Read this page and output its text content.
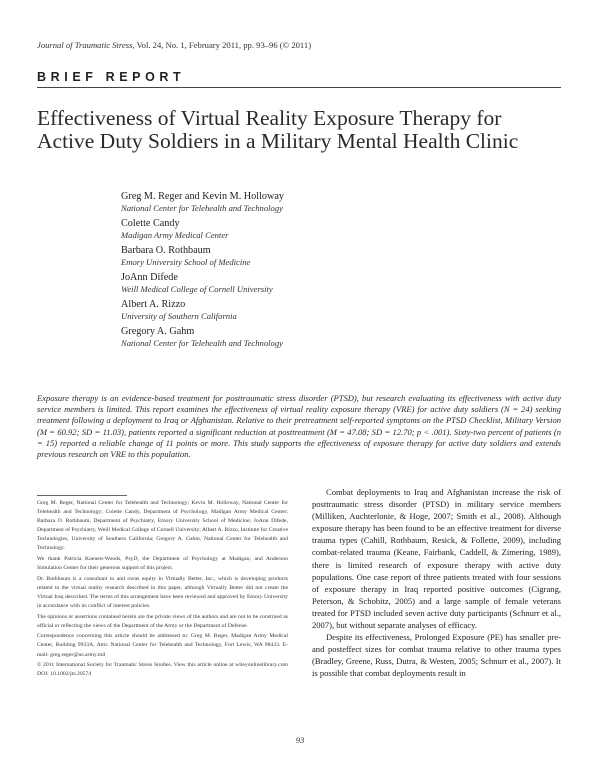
Journal of Traumatic Stress, Vol. 24, No. 1, February 2011, pp. 93–96 (© 2011)
BRIEF REPORT
Effectiveness of Virtual Reality Exposure Therapy for Active Duty Soldiers in a Military Mental Health Clinic
Greg M. Reger and Kevin M. Holloway
National Center for Telehealth and Technology
Colette Candy
Madigan Army Medical Center
Barbara O. Rothbaum
Emory University School of Medicine
JoAnn Difede
Weill Medical College of Cornell University
Albert A. Rizzo
University of Southern California
Gregory A. Gahm
National Center for Telehealth and Technology

Exposure therapy is an evidence-based treatment for posttraumatic stress disorder (PTSD), but research evaluating its effectiveness with active duty service members is limited. This report examines the effectiveness of virtual reality exposure therapy (VRE) for active duty soldiers (N = 24) seeking treatment following a deployment to Iraq or Afghanistan. Relative to their pretreatment self-reported symptoms on the PTSD Checklist, Military Version (M = 60.92; SD = 11.03), patients reported a significant reduction at posttreatment (M = 47.08; SD = 12.70; p < .001). Sixty-two percent of patients (n = 15) reported a reliable change of 11 points or more. This study supports the effectiveness of exposure therapy for active duty soldiers and extends previous research on VRE to this population.

Greg M. Reger, National Center for Telehealth and Technology; Kevin M. Holloway, National Center for Telehealth and Technology; Colette Candy, Department of Psychology, Madigan Army Medical Center; Barbara O. Rothbaum, Department of Psychiatry, Emory University School of Medicine; JoAnn Difede, Department of Psychiatry, Weill Medical College of Cornell University; Albert A. Rizzo, Institute for Creative Technologies, University of Southern California; Gregory A. Gahm, National Center for Telehealth and Technology.

We thank Patricia Koenen-Woods, PsyD, the Department of Psychology at Madigan; and Anderson Simulation Center for their generous support of this project.

Dr. Rothbaum is a consultant to and owns equity in Virtually Better, Inc., which is developing products related to the virtual reality research described in this paper, although Virtually Better did not create the Virtual Iraq described. The terms of this arrangement have been reviewed and approved by Emory University in accordance with its conflict of interest policies.

The opinions or assertions contained herein are the private views of the authors and are not to be construed as official or reflecting the views of the Department of the Army or the Department of Defense.

Correspondence concerning this article should be addressed to: Greg M. Reger, Madigan Army Medical Center, Building 9933A, Attn: National Center for Telehealth and Technology, Fort Lewis, WA 98433. E-mail: greg.reger@us.army.mil

© 2011 International Society for Traumatic Stress Studies. View this article online at wileyonlinelibrary.com DOI: 10.1002/jts.20574

Combat deployments to Iraq and Afghanistan increase the risk of posttraumatic stress disorder (PTSD) in military service members (Milliken, Auchterlonie, & Hoge, 2007; Smith et al., 2008). Although exposure therapy has been found to be an effective treatment for diverse trauma types (Cahill, Rothbaum, Resick, & Follette, 2009), including combat-related trauma (Keane, Fairbank, Caddell, & Zimering, 1989), there is limited research of exposure therapy with active duty populations. One case report of three patients treated with four sessions of exposure therapy in Iraq reported positive outcomes (Cigrang, Peterson, & Schobitz, 2005) and a large sample of female veterans treated for PTSD included seven active duty participants (Schnurr et al., 2007), but without separate analyses of efficacy.

Despite its effectiveness, Prolonged Exposure (PE) has smaller pre- and posteffect sizes for combat trauma relative to other trauma types (Bradley, Greene, Russ, Dutra, & Westen, 2005; Schnurr et al., 2007). It is possible that combat deployments result in

93
